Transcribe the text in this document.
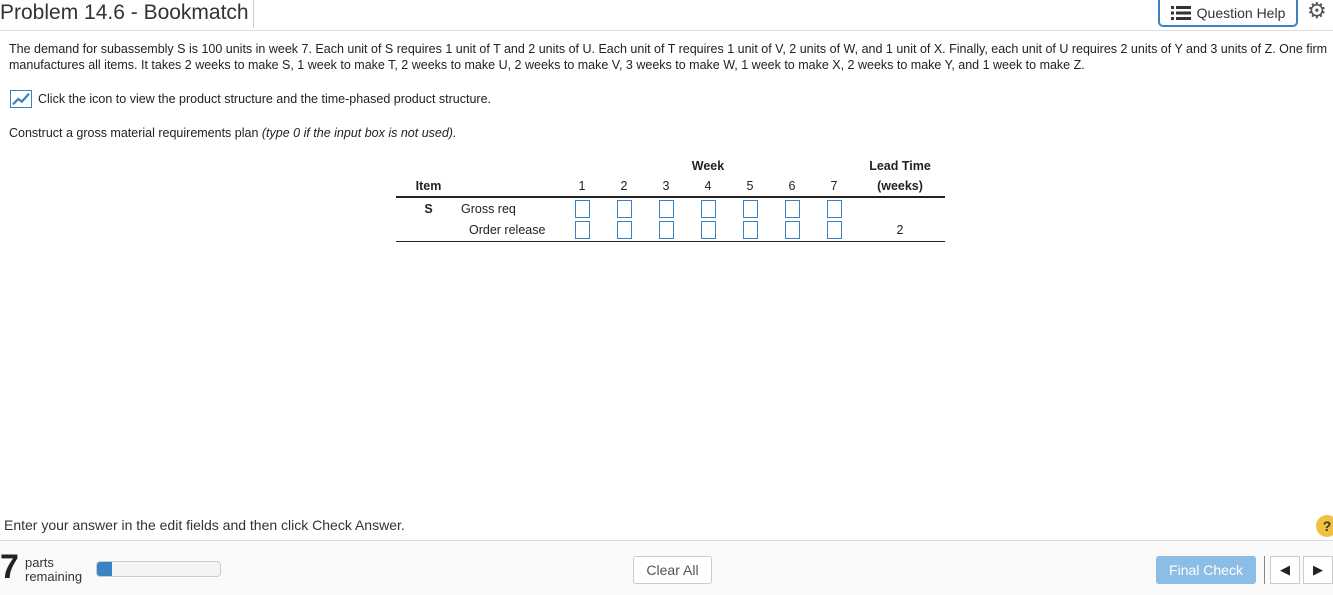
Problem 14.6 - Bookmatch	Question Help ⚙
The demand for subassembly S is 100 units in week 7. Each unit of S requires 1 unit of T and 2 units of U. Each unit of T requires 1 unit of V, 2 units of W, and 1 unit of X. Finally, each unit of U requires 2 units of Y and 3 units of Z. One firm manufactures all items. It takes 2 weeks to make S, 1 week to make T, 2 weeks to make U, 2 weeks to make V, 3 weeks to make W, 1 week to make X, 2 weeks to make Y, and 1 week to make Z.
Click the icon to view the product structure and the time-phased product structure.
Construct a gross material requirements plan (type 0 if the input box is not used).
		Week							Lead Time
Item		1	2	3	4	5	6	7	(weeks)
S	Gross req								
	Order release								2
Enter your answer in the edit fields and then click Check Answer.	?
7 parts
remaining	Clear All	Final Check	◀ ▶
